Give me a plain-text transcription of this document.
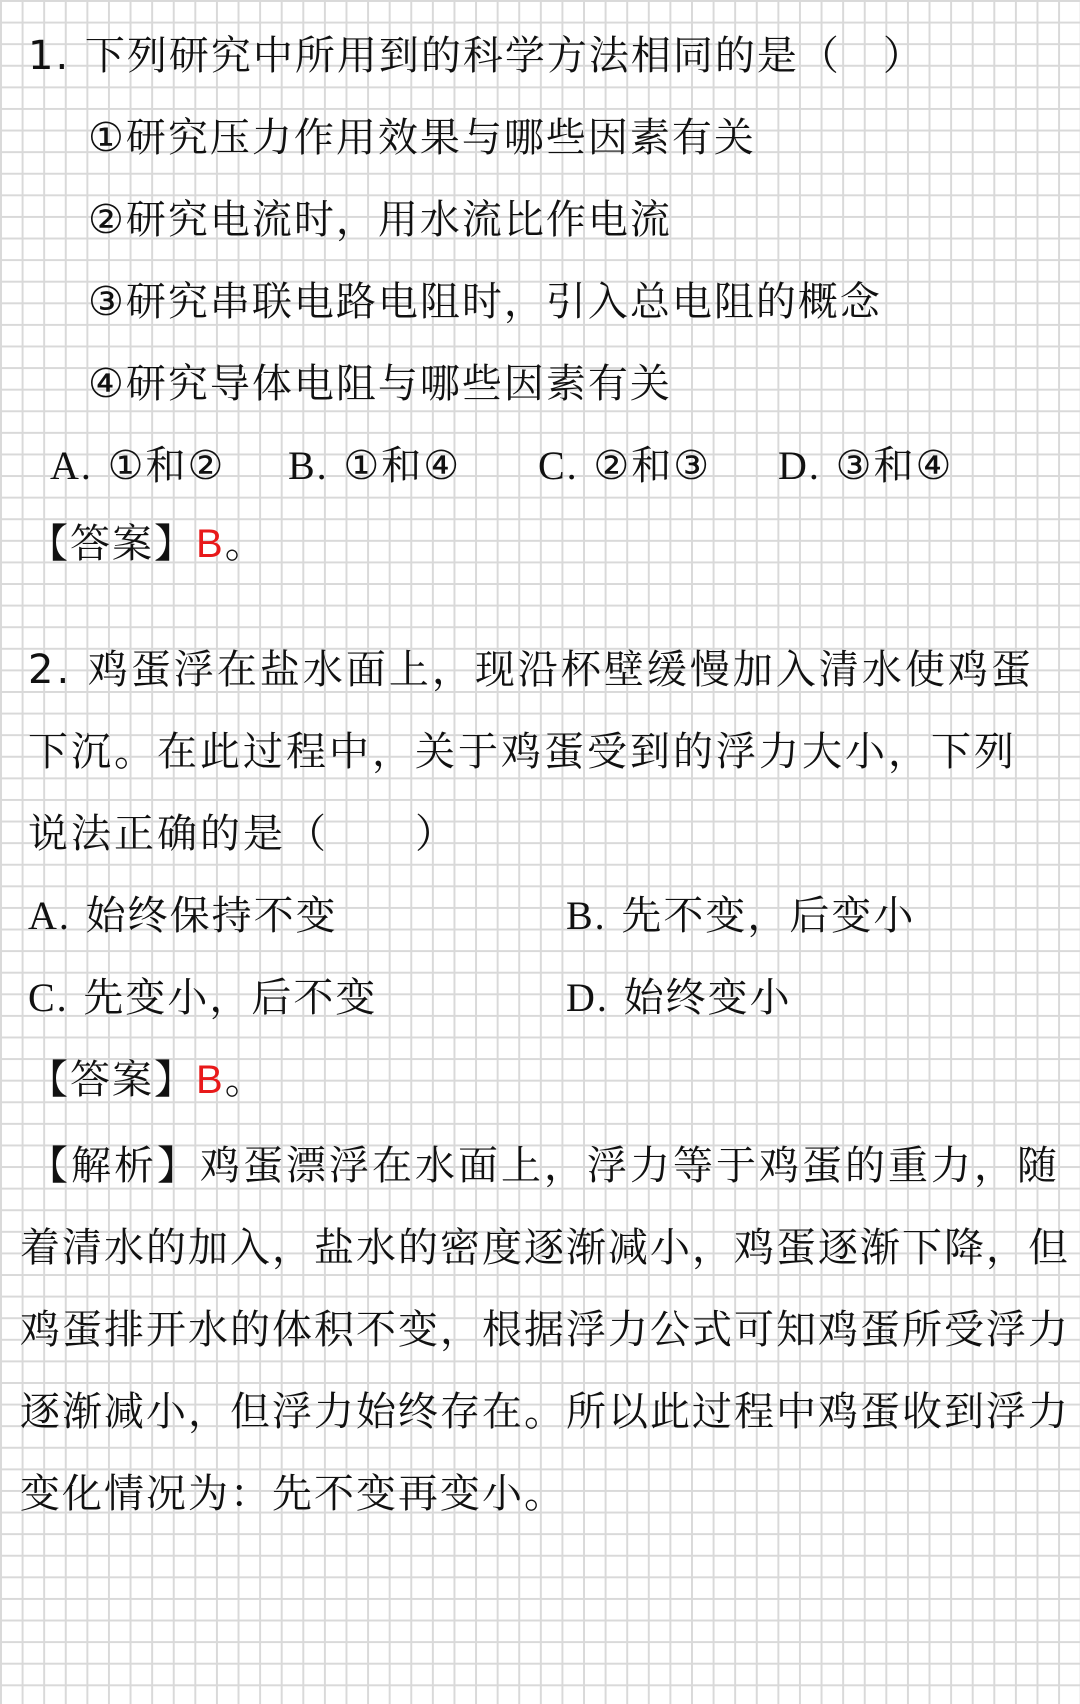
1. 下列研究中所用到的科学方法相同的是（　）
①研究压力作用效果与哪些因素有关
②研究电流时，用水流比作电流
③研究串联电路电阻时，引入总电阻的概念
④研究导体电阻与哪些因素有关
A. ①和② B. ①和④ C. ②和③ D. ③和④
【答案】B。
2. 鸡蛋浮在盐水面上，现沿杯壁缓慢加入清水使鸡蛋
下沉。在此过程中，关于鸡蛋受到的浮力大小，下列
说法正确的是（　　）
A. 始终保持不变	B. 先不变，后变小
C. 先变小，后不变	D. 始终变小
【答案】B。
【解析】鸡蛋漂浮在水面上，浮力等于鸡蛋的重力，随
着清水的加入，盐水的密度逐渐减小，鸡蛋逐渐下降，但
鸡蛋排开水的体积不变，根据浮力公式可知鸡蛋所受浮力
逐渐减小，但浮力始终存在。所以此过程中鸡蛋收到浮力
变化情况为：先不变再变小。
